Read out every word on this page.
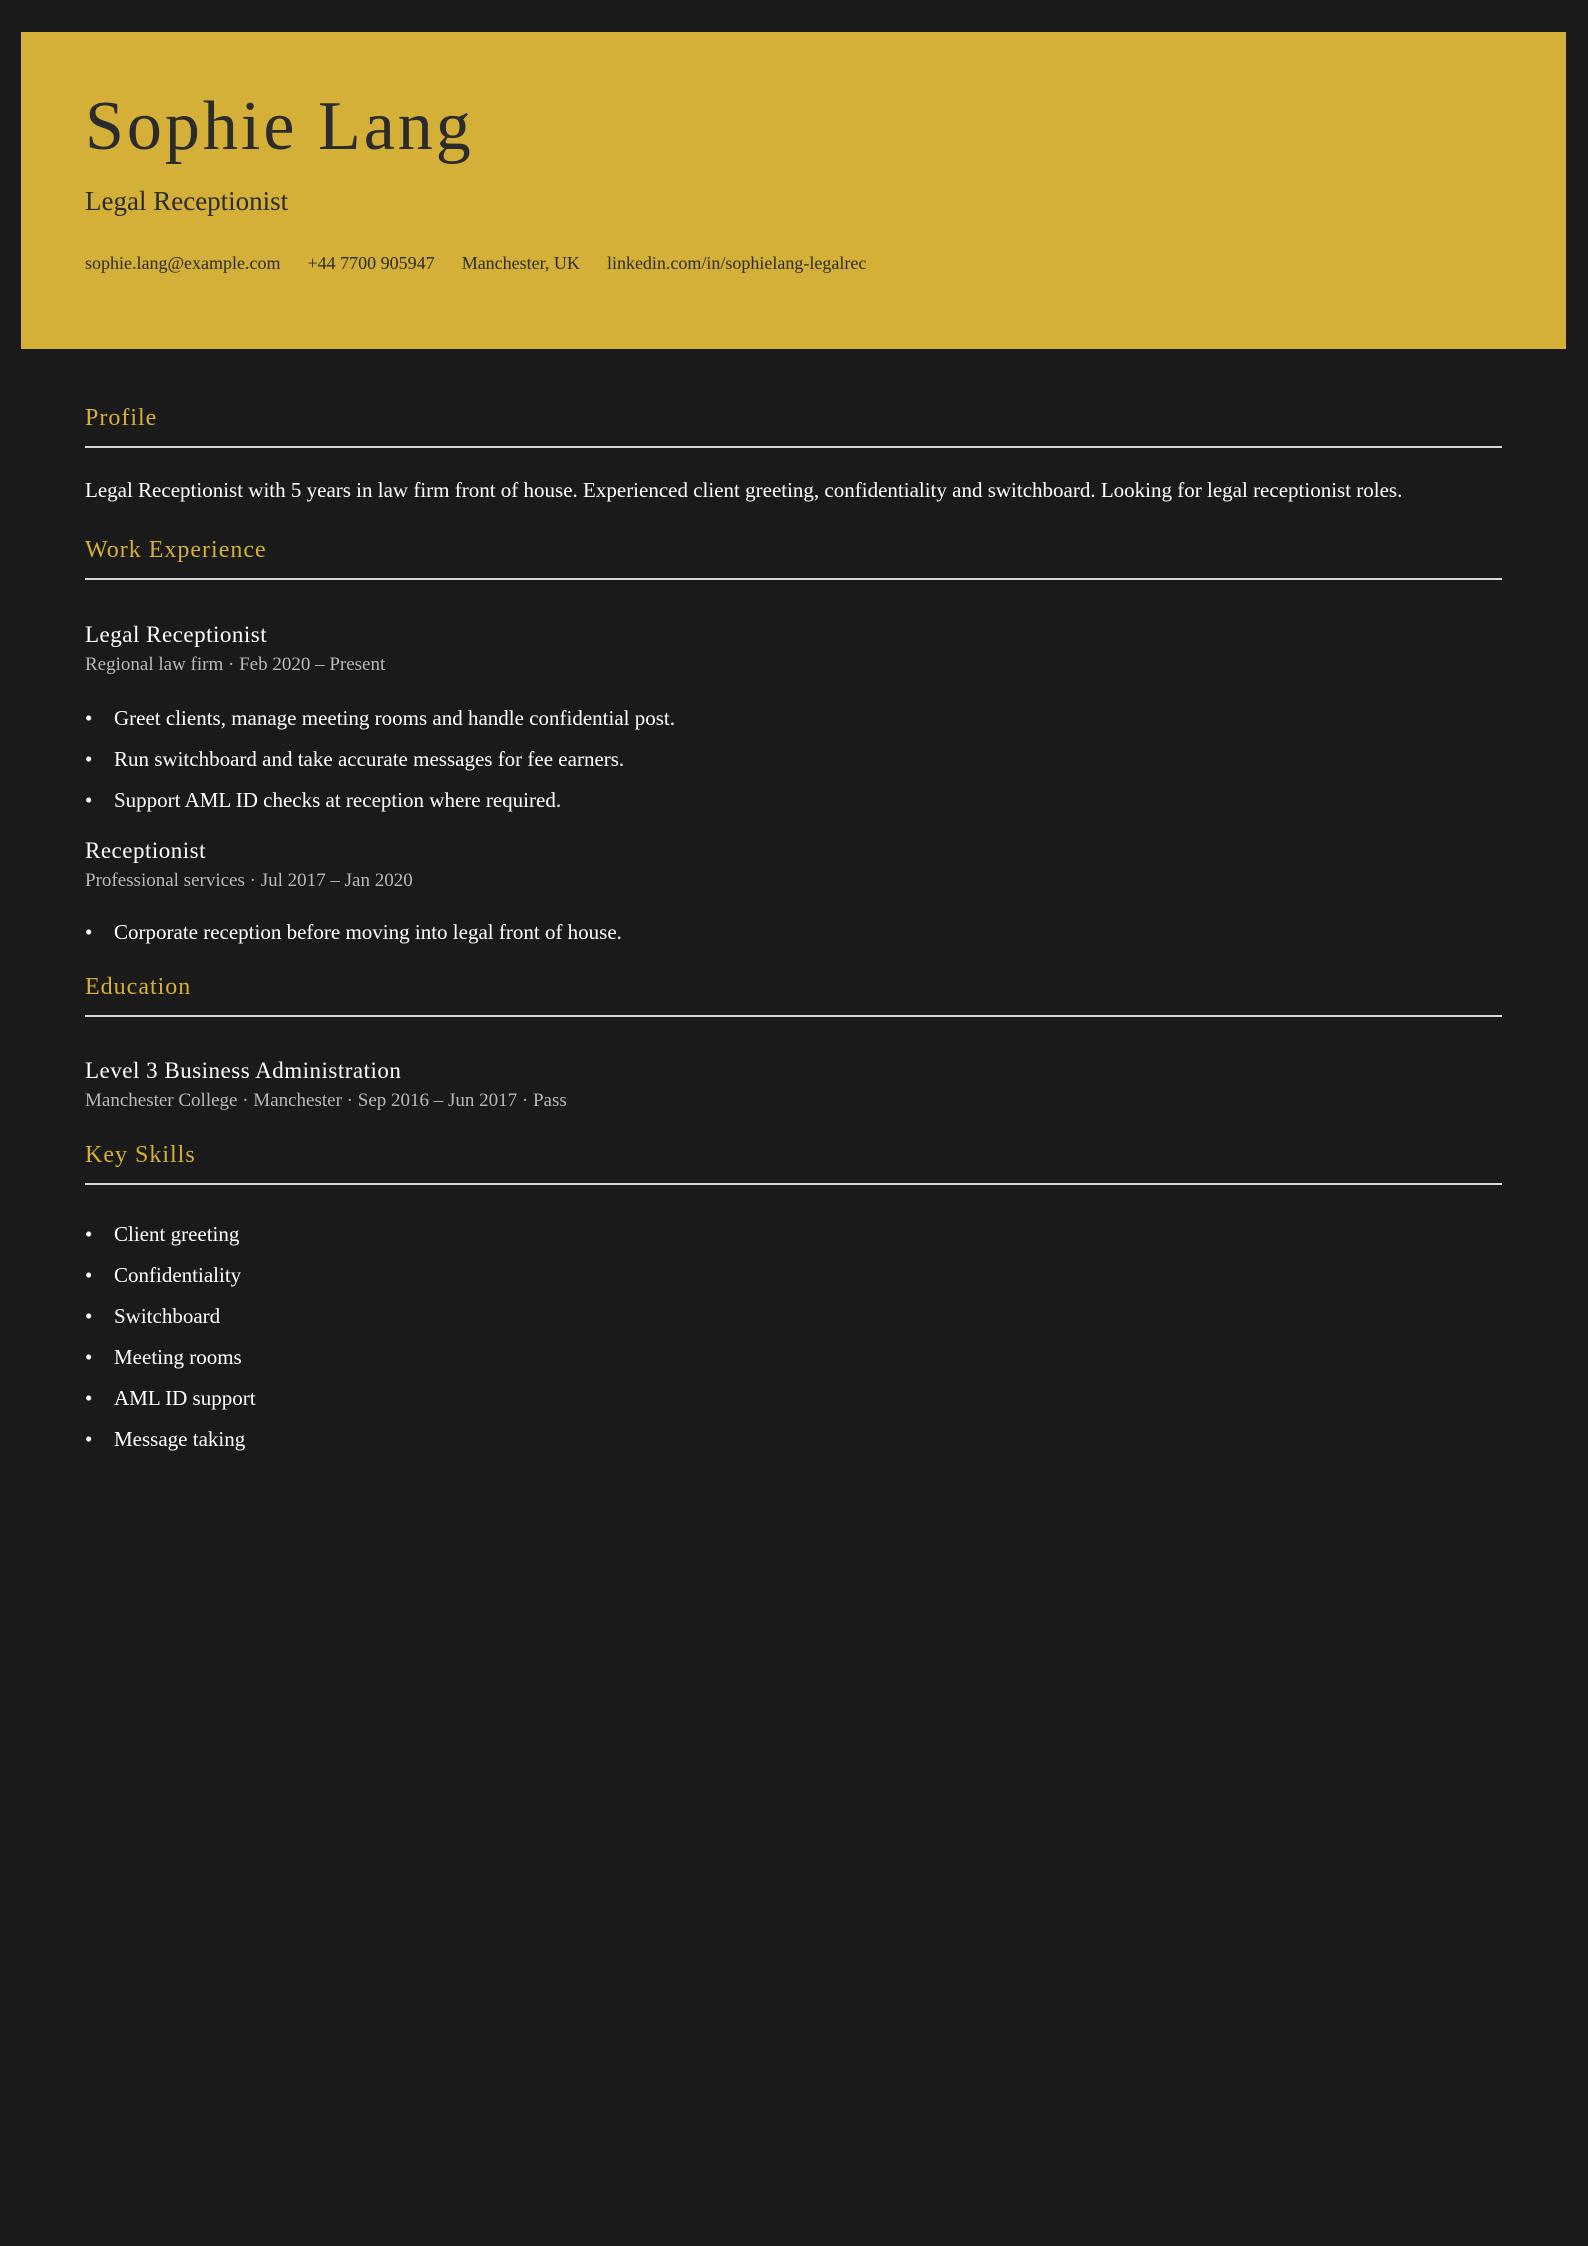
Sophie Lang
Legal Receptionist
sophie.lang@example.com +44 7700 905947 Manchester, UK linkedin.com/in/sophielang-legalrec
Profile

Legal Receptionist with 5 years in law firm front of house. Experienced client greeting, confidentiality and switchboard. Looking for legal receptionist roles.

Work Experience
Legal Receptionist

Regional law firm · Feb 2020 – Present

• Greet clients, manage meeting rooms and handle confidential post.
• Run switchboard and take accurate messages for fee earners.
• Support AML ID checks at reception where required.
Receptionist

Professional services · Jul 2017 – Jan 2020

• Corporate reception before moving into legal front of house.
Education
Level 3 Business Administration

Manchester College · Manchester · Sep 2016 – Jun 2017 · Pass

Key Skills
• Client greeting
• Confidentiality
• Switchboard
• Meeting rooms
• AML ID support
• Message taking
